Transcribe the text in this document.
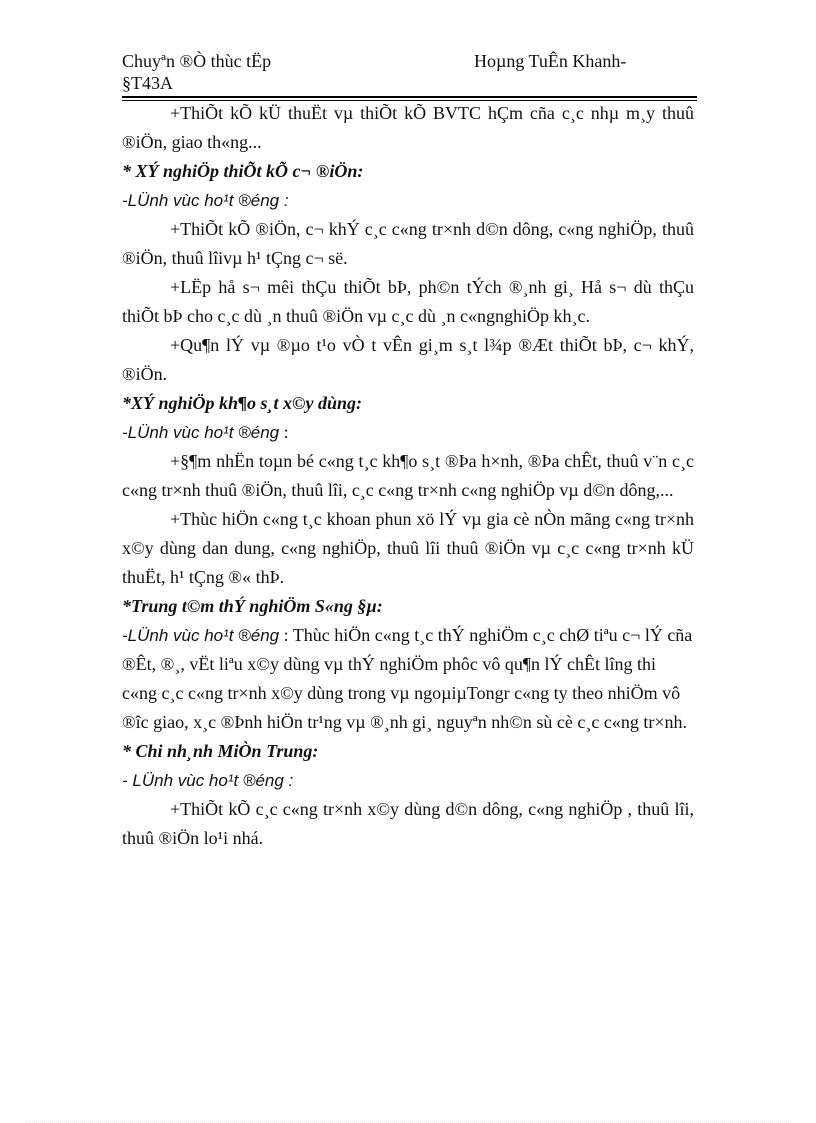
Chuyªn ®Ò thùc tËp	Hoµng TuÊn Khanh-
§T43A

+ThiÕt kÕ kÜ thuËt vµ thiÕt kÕ BVTC hÇm cña c¸c nhµ m¸y thuû ®iÖn, giao th«ng...

* XÝ nghiÖp thiÕt kÕ c¬ ®iÖn:

-LÜnh vùc ho¹t ®éng :

+ThiÕt kÕ ®iÖn, c¬ khÝ c¸c c«ng tr×nh d©n dông, c«ng nghiÖp, thuû ®iÖn, thuû lîivµ h¹ tÇng c¬ së.

+LËp hå s¬ mêi thÇu thiÕt bÞ, ph©n tÝch ®¸nh gi¸ Hå s¬ dù thÇu thiÕt bÞ cho c¸c dù ¸n thuû ®iÖn vµ c¸c dù ¸n c«ngnghiÖp kh¸c.

+Qu¶n lÝ vµ ®µo t¹o vÒ t vÊn gi¸m s¸t l¾p ®Æt thiÕt bÞ, c¬ khÝ, ®iÖn.

*XÝ nghiÖp kh¶o s¸t x©y dùng:

-LÜnh vùc ho¹t ®éng :

+§¶m nhËn toµn bé c«ng t¸c kh¶o s¸t ®Þa h×nh, ®Þa chÊt, thuû v¨n c¸c c«ng tr×nh thuû ®iÖn, thuû lîi, c¸c c«ng tr×nh c«ng nghiÖp vµ d©n dông,...

+Thùc hiÖn c«ng t¸c khoan phun xö lÝ vµ gia cè nÒn mãng c«ng tr×nh x©y dùng dan dung, c«ng nghiÖp, thuû lîi thuû ®iÖn vµ c¸c c«ng tr×nh kÜ thuËt, h¹ tÇng ®« thÞ.

*Trung t©m thÝ nghiÖm S«ng §µ:

-LÜnh vùc ho¹t ®éng : Thùc hiÖn c«ng t¸c thÝ nghiÖm c¸c chØ tiªu c¬ lÝ cña ®Êt, ®¸, vËt liªu x©y dùng vµ thÝ nghiÖm phôc vô qu¶n lÝ chÊt lîng thi c«ng c¸c c«ng tr×nh x©y dùng trong vµ ngoµiµTongr c«ng ty theo nhiÖm vô ®îc giao, x¸c ®Þnh hiÖn tr¹ng vµ ®¸nh gi¸ nguyªn nh©n sù cè c¸c c«ng tr×nh.

* Chi nh¸nh MiÒn Trung:

- LÜnh vùc ho¹t ®éng :

+ThiÕt kÕ c¸c c«ng tr×nh x©y dùng d©n dông, c«ng nghiÖp , thuû lîi, thuû ®iÖn lo¹i nhá.
